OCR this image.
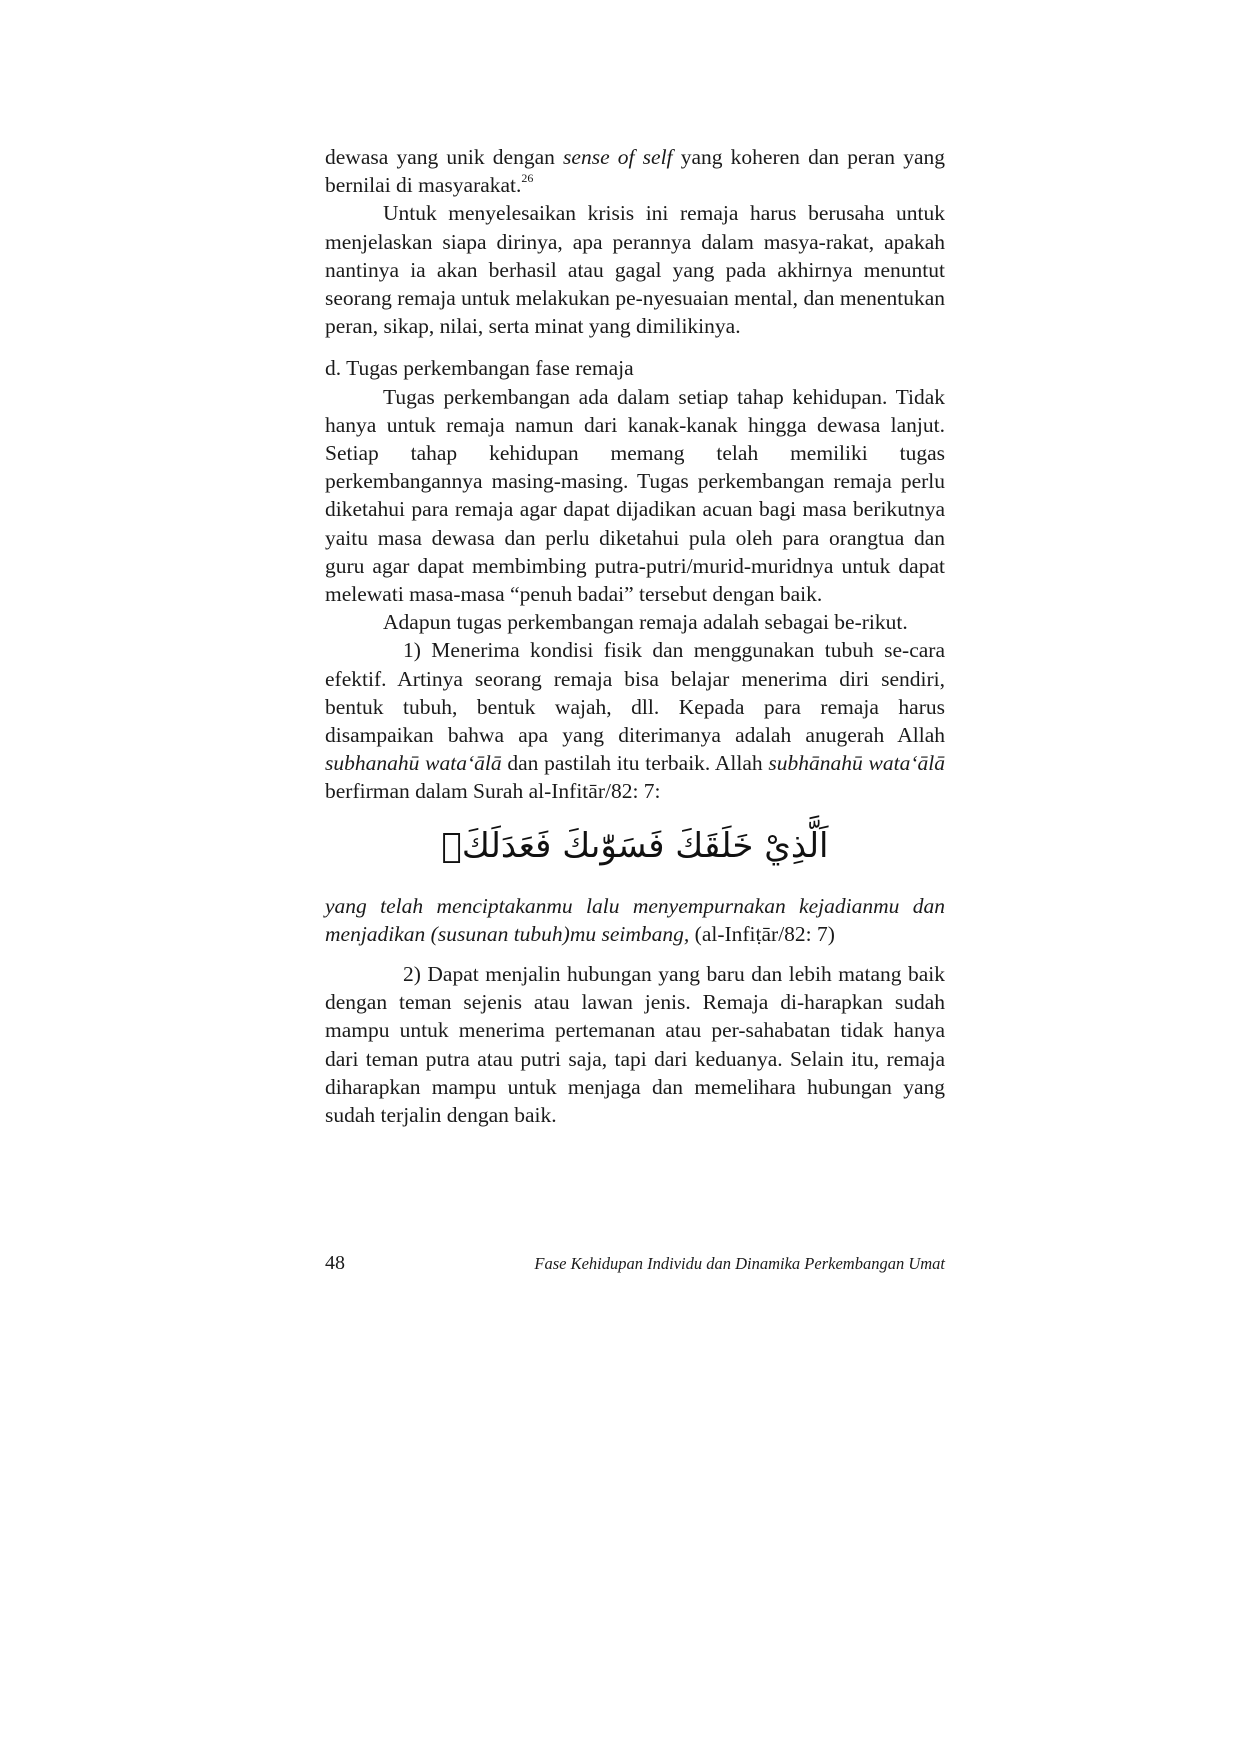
dewasa yang unik dengan sense of self yang koheren dan peran yang bernilai di masyarakat.$^{26}$

Untuk menyelesaikan krisis ini remaja harus berusaha untuk menjelaskan siapa dirinya, apa perannya dalam masya-rakat, apakah nantinya ia akan berhasil atau gagal yang pada akhirnya menuntut seorang remaja untuk melakukan pe-nyesuaian mental, dan menentukan peran, sikap, nilai, serta minat yang dimilikinya.

d. Tugas perkembangan fase remaja

Tugas perkembangan ada dalam setiap tahap kehidupan. Tidak hanya untuk remaja namun dari kanak-kanak hingga dewasa lanjut. Setiap tahap kehidupan memang telah memiliki tugas perkembangannya masing-masing. Tugas perkembangan remaja perlu diketahui para remaja agar dapat dijadikan acuan bagi masa berikutnya yaitu masa dewasa dan perlu diketahui pula oleh para orangtua dan guru agar dapat membimbing putra-putri/murid-muridnya untuk dapat melewati masa-masa “penuh badai” tersebut dengan baik.

Adapun tugas perkembangan remaja adalah sebagai be-rikut.

1) Menerima kondisi fisik dan menggunakan tubuh se-cara efektif. Artinya seorang remaja bisa belajar menerima diri sendiri, bentuk tubuh, bentuk wajah, dll. Kepada para remaja harus disampaikan bahwa apa yang diterimanya adalah anugerah Allah subhanahū wata‘ālā dan pastilah itu terbaik. Allah subhānahū wata‘ālā berfirman dalam Surah al-Infitār/82: 7:

اَلَّذِيْ خَلَقَكَ فَسَوّٰىكَ فَعَدَلَكَۙ

yang telah menciptakanmu lalu menyempurnakan kejadianmu dan menjadikan (susunan tubuh)mu seimbang, (al-Infiṭār/82: 7)

2) Dapat menjalin hubungan yang baru dan lebih matang baik dengan teman sejenis atau lawan jenis. Remaja di-harapkan sudah mampu untuk menerima pertemanan atau per-sahabatan tidak hanya dari teman putra atau putri saja, tapi dari keduanya. Selain itu, remaja diharapkan mampu untuk menjaga dan memelihara hubungan yang sudah terjalin dengan baik.

48	Fase Kehidupan Individu dan Dinamika Perkembangan Umat
